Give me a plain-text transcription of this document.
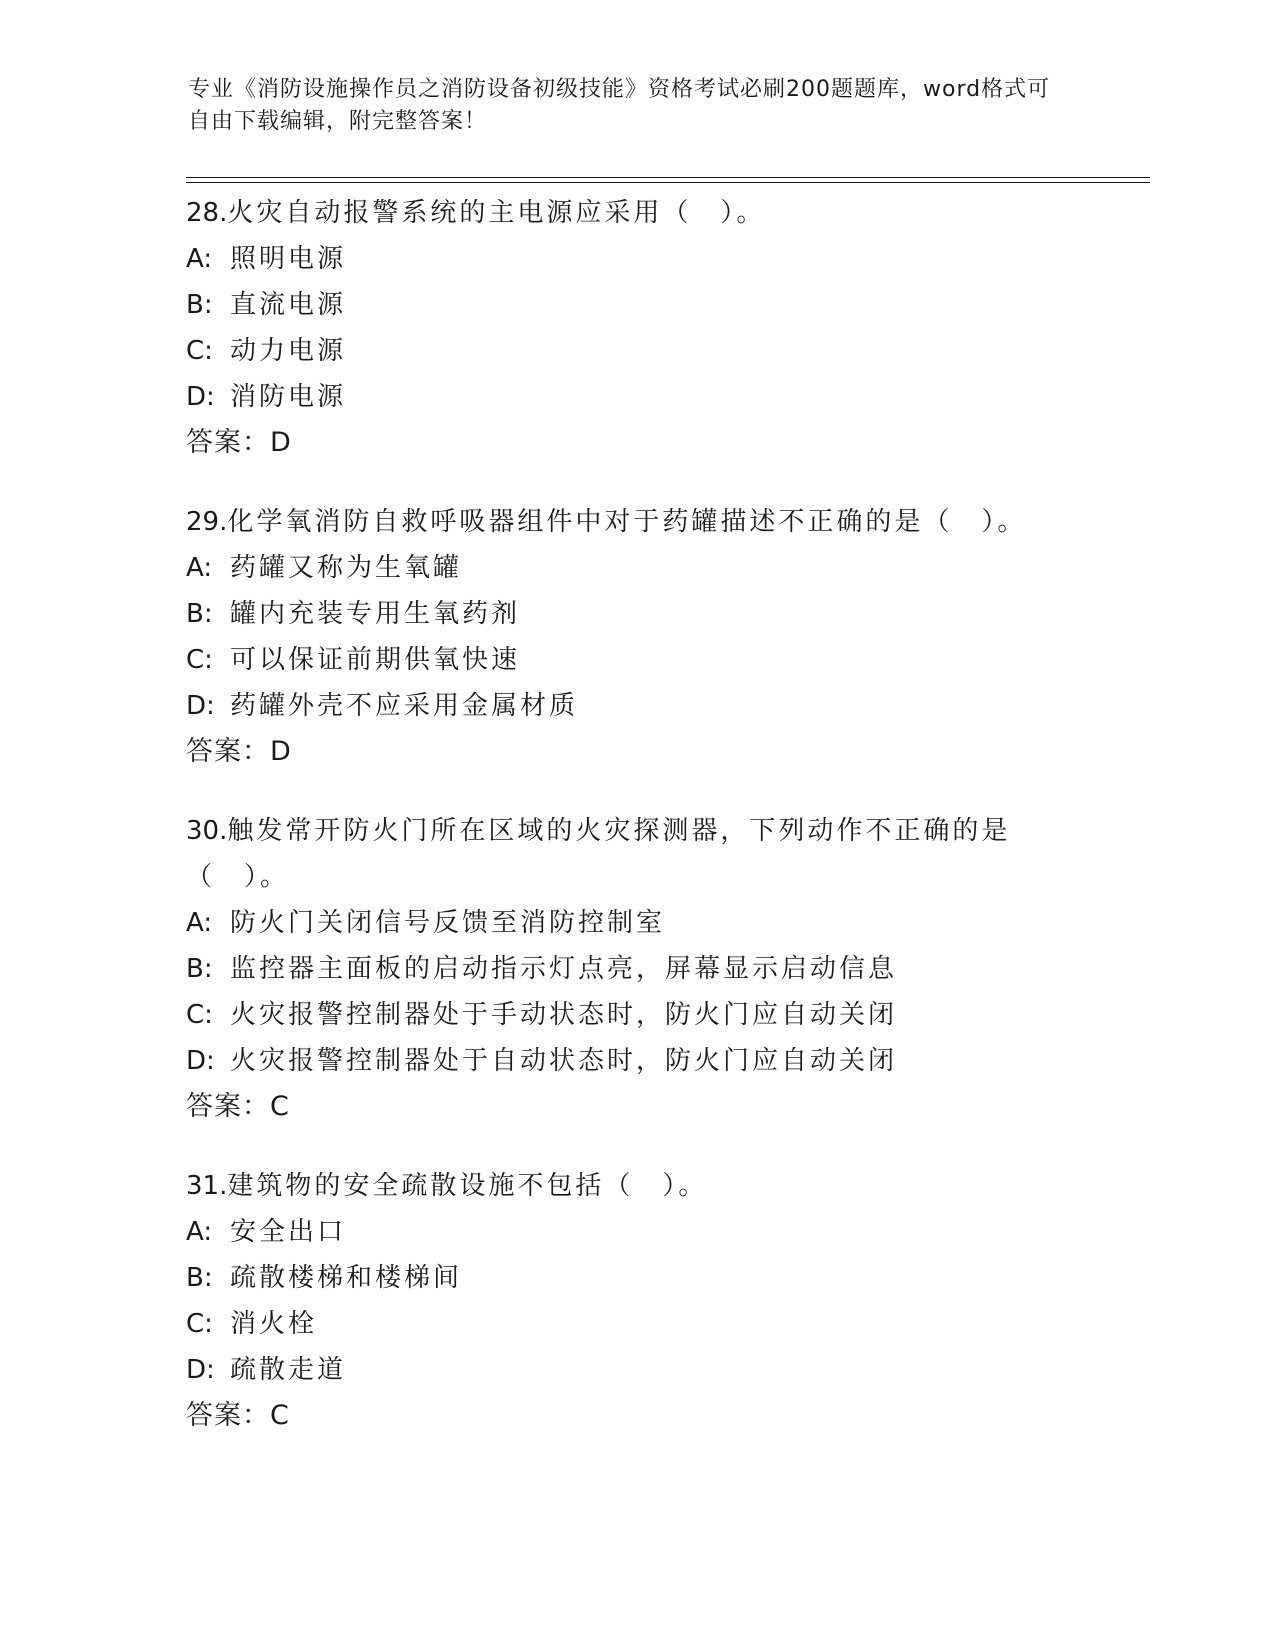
专业《消防设施操作员之消防设备初级技能》资格考试必刷200题题库，word格式可自由下载编辑，附完整答案！

28.火灾自动报警系统的主电源应采用（　）。

A: 照明电源

B: 直流电源

C: 动力电源

D: 消防电源

答案：D

29.化学氧消防自救呼吸器组件中对于药罐描述不正确的是（　）。

A: 药罐又称为生氧罐

B: 罐内充装专用生氧药剂

C: 可以保证前期供氧快速

D: 药罐外壳不应采用金属材质

答案：D

30.触发常开防火门所在区域的火灾探测器，下列动作不正确的是（　）。

A: 防火门关闭信号反馈至消防控制室

B: 监控器主面板的启动指示灯点亮，屏幕显示启动信息

C: 火灾报警控制器处于手动状态时，防火门应自动关闭

D: 火灾报警控制器处于自动状态时，防火门应自动关闭

答案：C

31.建筑物的安全疏散设施不包括（　）。

A: 安全出口

B: 疏散楼梯和楼梯间

C: 消火栓

D: 疏散走道

答案：C
